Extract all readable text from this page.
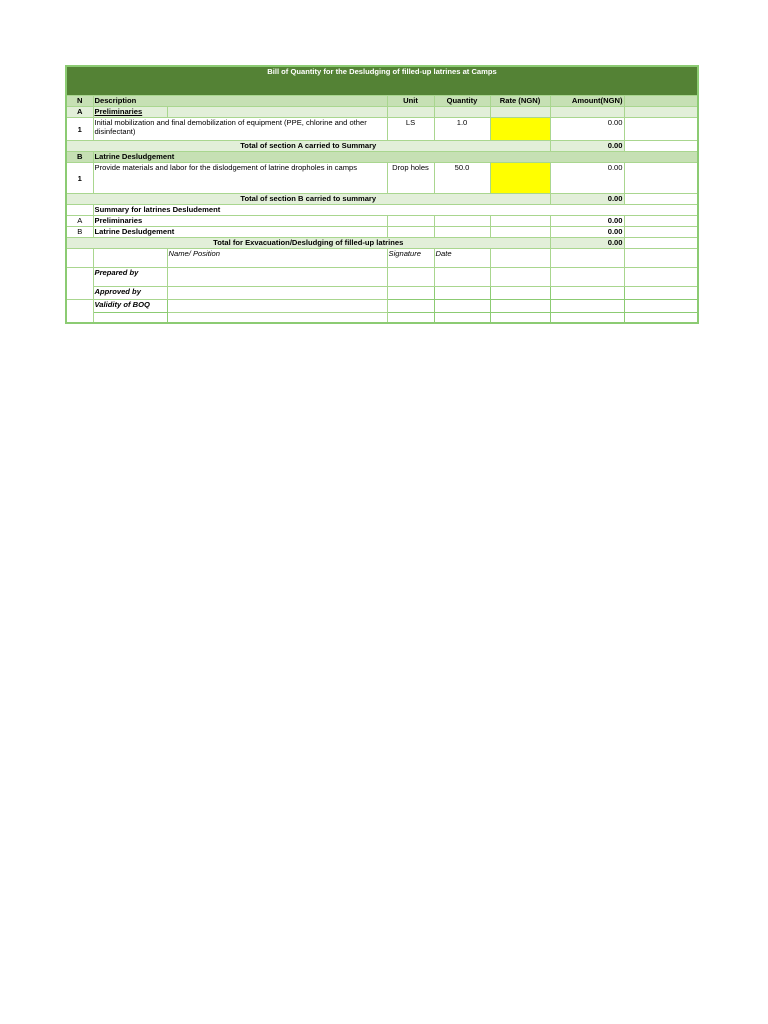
Bill of Quantity for the Desludging of filled-up latrines at Camps							
N	Description		Unit	Quantity	Rate (NGN)	Amount(NGN)	
A	Preliminaries						
1	Initial mobilization and final demobilization of equipment (PPE, chlorine and other disinfectant)		LS	1.0		0.00	
Total of section A carried to Summary						0.00	
B	Latrine Desludgement						
1	Provide materials and labor for the dislodgement of latrine dropholes in camps		Drop holes	50.0		0.00	
Total of section B carried to summary						0.00	
	Summary for latrines Desludement						
A	Preliminaries					0.00	
B	Latrine Desludgement					0.00	
Total for Exvacuation/Desludging of filled-up latrines						0.00	
		Name/ Position	Signature	Date			
	Prepared by						
	Approved by						
	Validity of BOQ						
